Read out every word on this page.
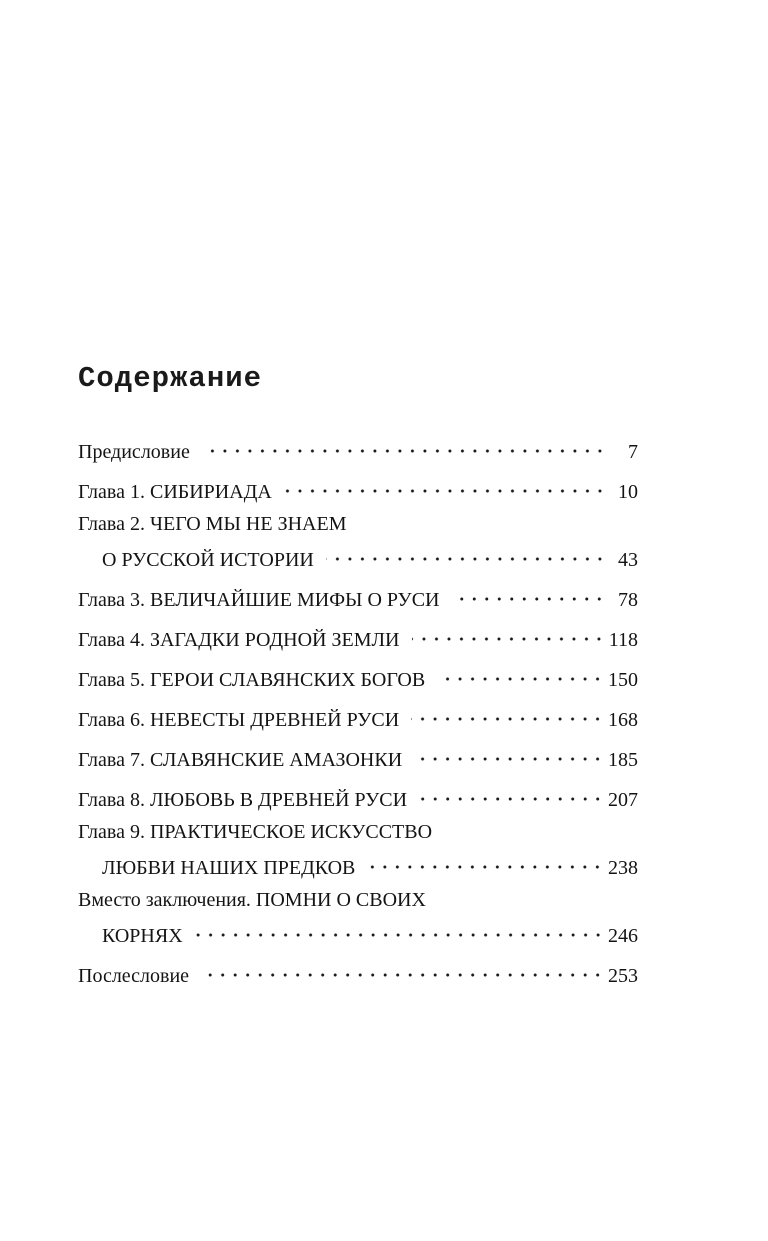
Содержание
Предисловие	7
Глава 1. СИБИРИАДА	10
Глава 2. ЧЕГО МЫ НЕ ЗНАЕМ
О РУССКОЙ ИСТОРИИ	43
Глава 3. ВЕЛИЧАЙШИЕ МИФЫ О РУСИ	78
Глава 4. ЗАГАДКИ РОДНОЙ ЗЕМЛИ	118
Глава 5. ГЕРОИ СЛАВЯНСКИХ БОГОВ	150
Глава 6. НЕВЕСТЫ ДРЕВНЕЙ РУСИ	168
Глава 7. СЛАВЯНСКИЕ АМАЗОНКИ	185
Глава 8. ЛЮБОВЬ В ДРЕВНЕЙ РУСИ	207
Глава 9. ПРАКТИЧЕСКОЕ ИСКУССТВО
ЛЮБВИ НАШИХ ПРЕДКОВ	238
Вместо заключения. ПОМНИ О СВОИХ
КОРНЯХ	246
Послесловие	253
